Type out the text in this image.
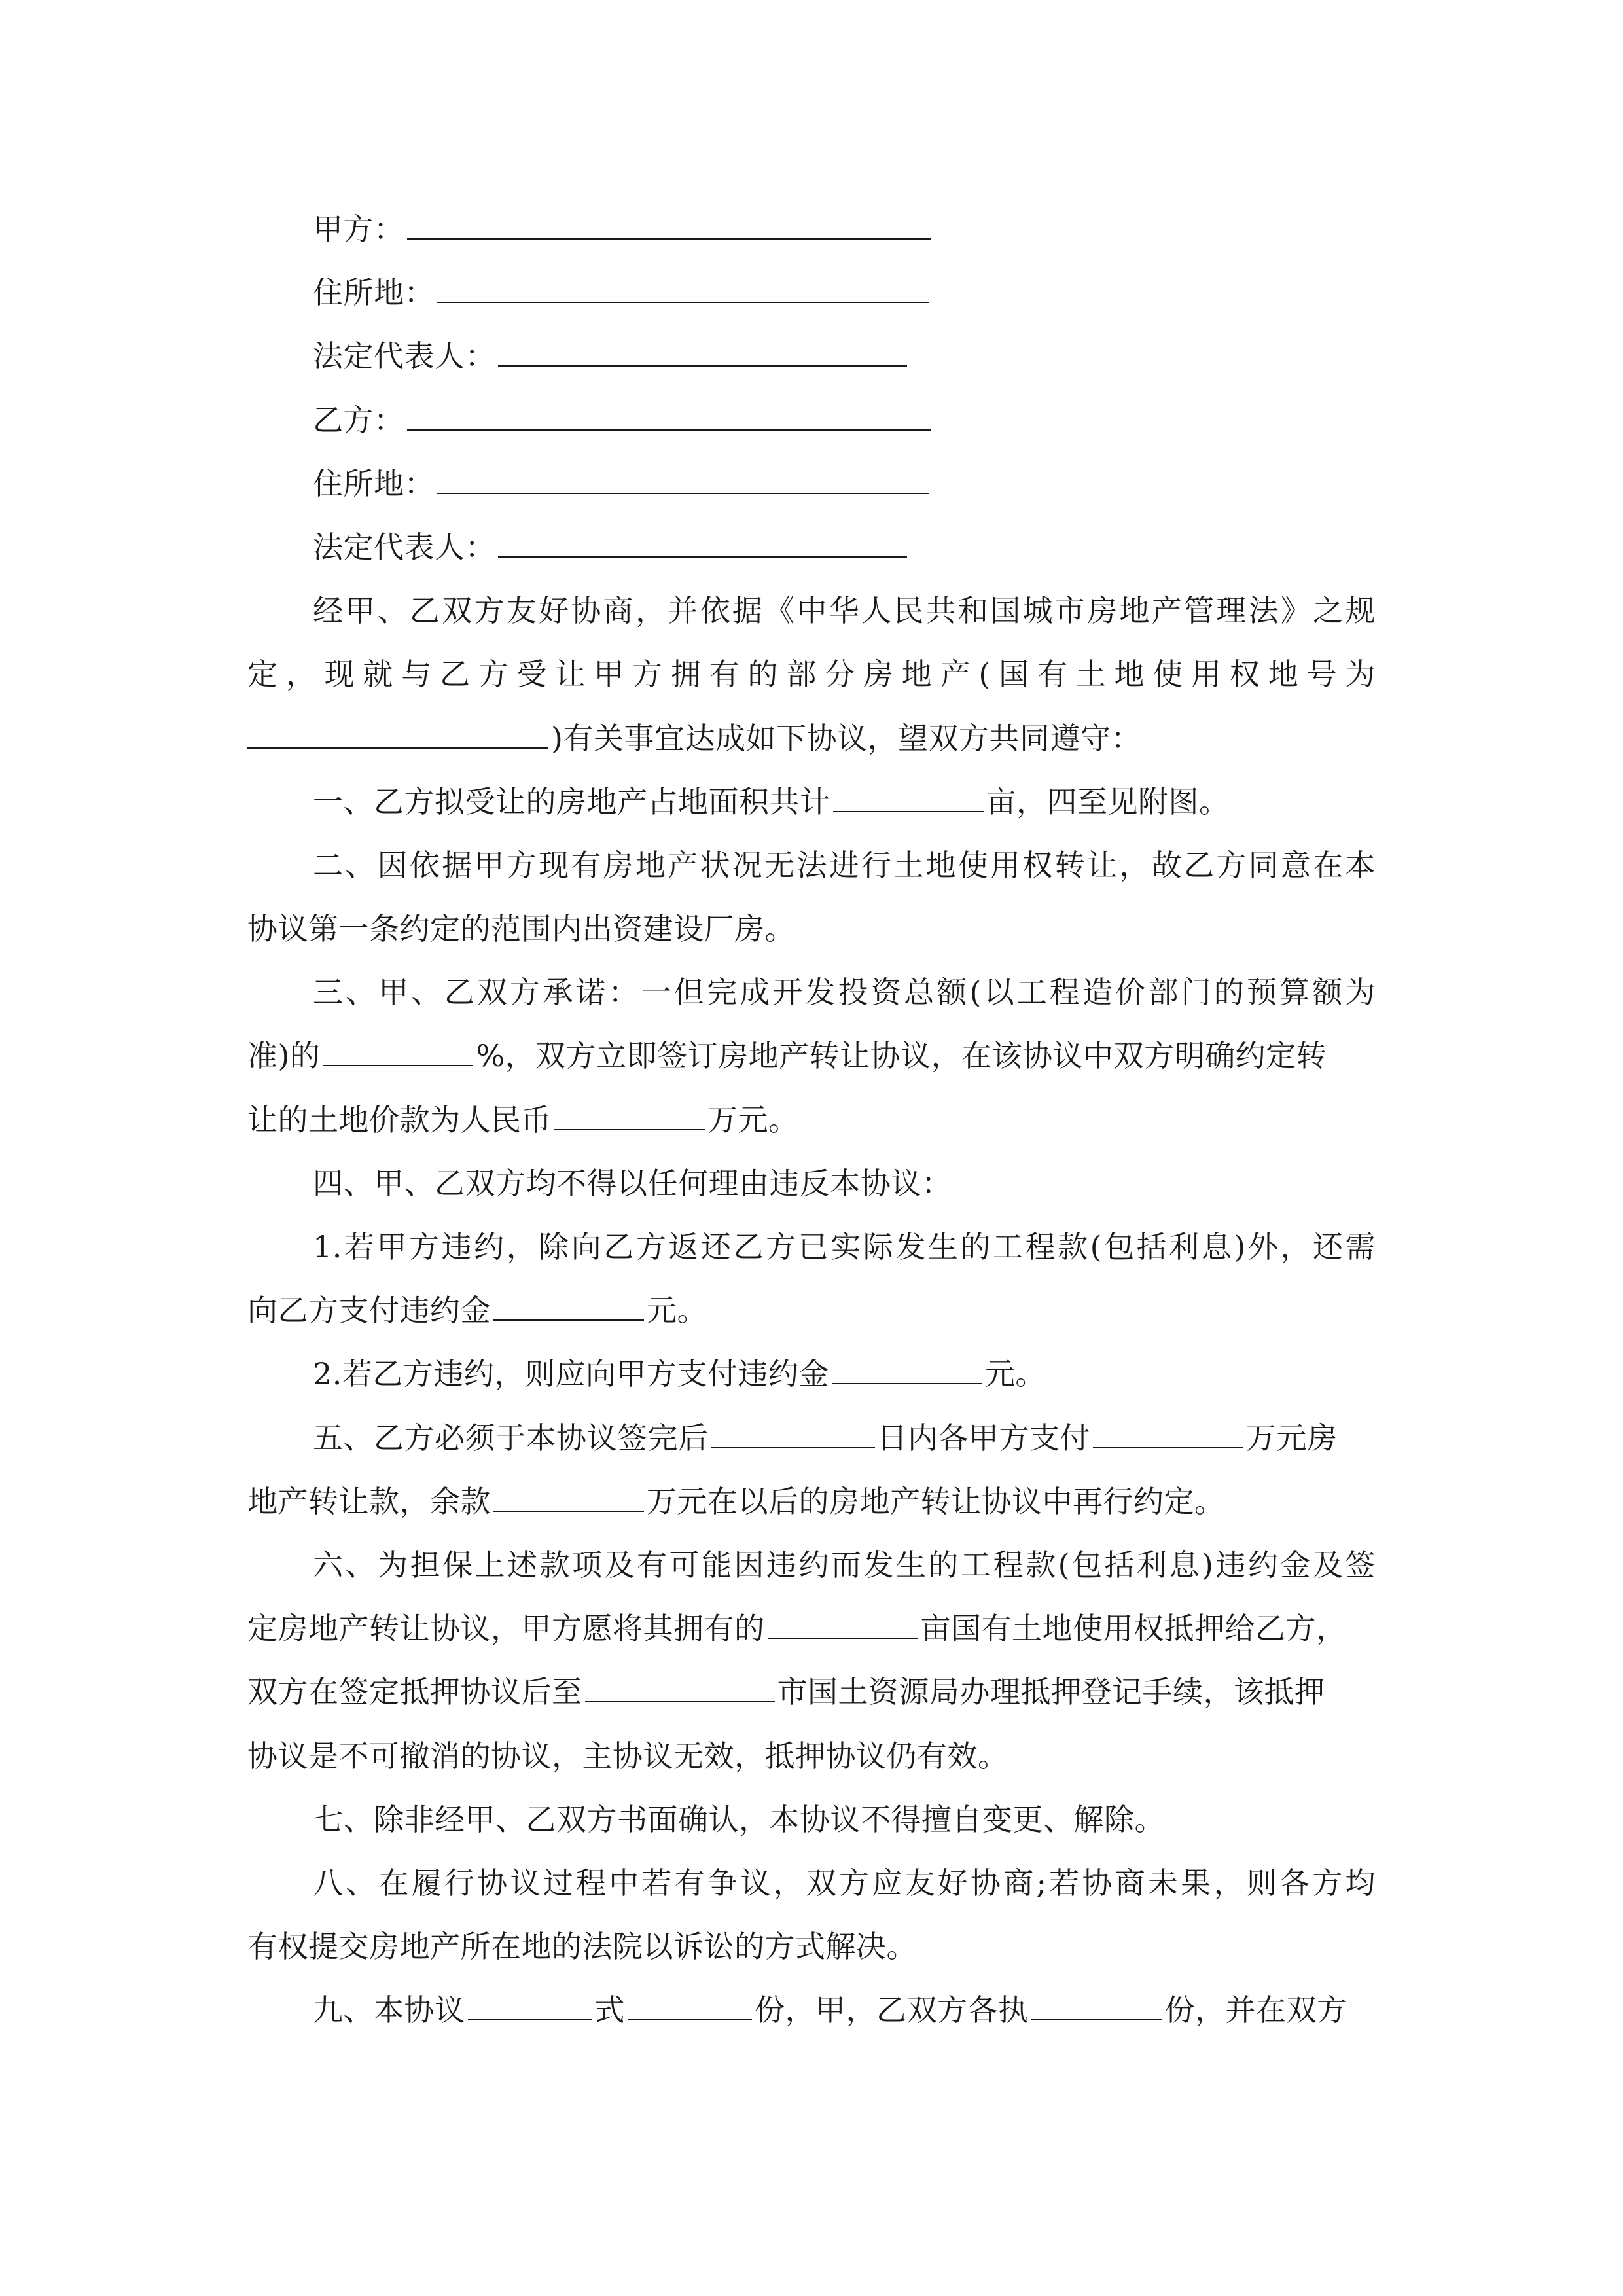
甲方：
住所地：
法定代表人：
乙方：
住所地：
法定代表人：
经甲、乙双方友好协商，并依据《中华人民共和国城市房地产管理法》之规
定，现就与乙方受让甲方拥有的部分房地产(国有土地使用权地号为
)有关事宜达成如下协议，望双方共同遵守：
一、乙方拟受让的房地产占地面积共计	亩，四至见附图。
二、因依据甲方现有房地产状况无法进行土地使用权转让，故乙方同意在本
协议第一条约定的范围内出资建设厂房。
三、甲、乙双方承诺：一但完成开发投资总额(以工程造价部门的预算额为
准)的	%，双方立即签订房地产转让协议，在该协议中双方明确约定转
让的土地价款为人民币	万元。
四、甲、乙双方均不得以任何理由违反本协议：
1.若甲方违约，除向乙方返还乙方已实际发生的工程款(包括利息)外，还需
向乙方支付违约金	元。
2.若乙方违约，则应向甲方支付违约金	元。
五、乙方必须于本协议签完后	日内各甲方支付	万元房
地产转让款，余款	万元在以后的房地产转让协议中再行约定。
六、为担保上述款项及有可能因违约而发生的工程款(包括利息)违约金及签
定房地产转让协议，甲方愿将其拥有的	亩国有土地使用权抵押给乙方，
双方在签定抵押协议后至	市国土资源局办理抵押登记手续，该抵押
协议是不可撤消的协议，主协议无效，抵押协议仍有效。
七、除非经甲、乙双方书面确认，本协议不得擅自变更、解除。
八、在履行协议过程中若有争议，双方应友好协商;若协商未果，则各方均
有权提交房地产所在地的法院以诉讼的方式解决。
九、本协议	式	份，甲，乙双方各执	份，并在双方
